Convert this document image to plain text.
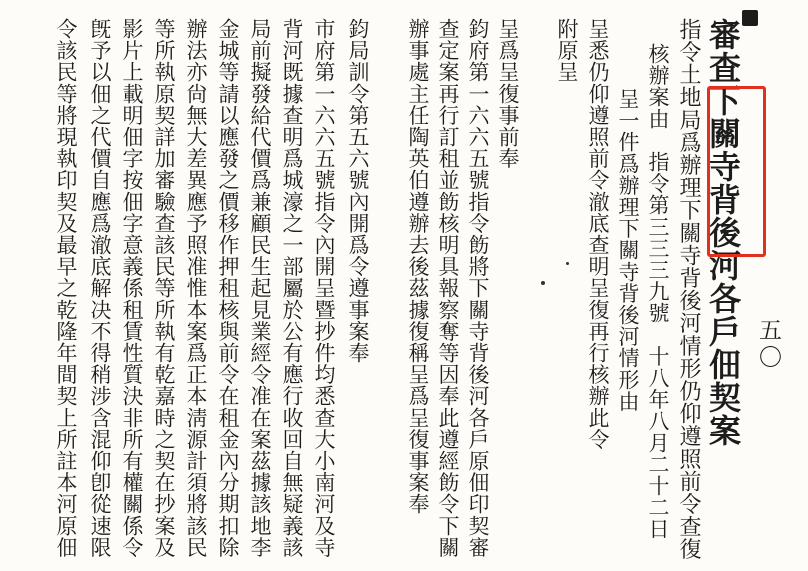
五〇
審査下關寺背後河各戶佃契案
指令土地局爲辦理下關寺背後河情形仍仰遵照前令查復
核辦案由　指令第三三三九號　十八年八月二十二日
呈一件爲辦理下關寺背後河情形由
呈悉仍仰遵照前令澈底查明呈復再行核辦此令
附原呈
呈爲呈復事前奉
鈞府第一六六五號指令飭將下關寺背後河各戶原佃印契審
查定案再行訂租並飭核明具報察奪等因奉此遵經飭令下關
辦事處主任陶英伯遵辦去後茲據復稱呈爲呈復事案奉
鈞局訓令第五六號內開爲令遵事案奉
市府第一六六五號指令內開呈暨抄件均悉查大小南河及寺
背河既據查明爲城濠之一部屬於公有應行收回自無疑義該
局前擬發給代價爲兼顧民生起見業經令准在案茲據該地李
金城等請以應發之價移作押租核與前令在租金內分期扣除
辦法亦尙無大差異應予照准惟本案爲正本淸源計須將該民
等所執原契詳加審驗查該民等所執有乾嘉時之契在抄案及
影片上載明佃字按佃字意義係租賃性質決非所有權關係令
旣予以佃之代價自應爲澈底解决不得稍涉含混仰卽從速限
令該民等將現執印契及最早之乾隆年間契上所註本河原佃
